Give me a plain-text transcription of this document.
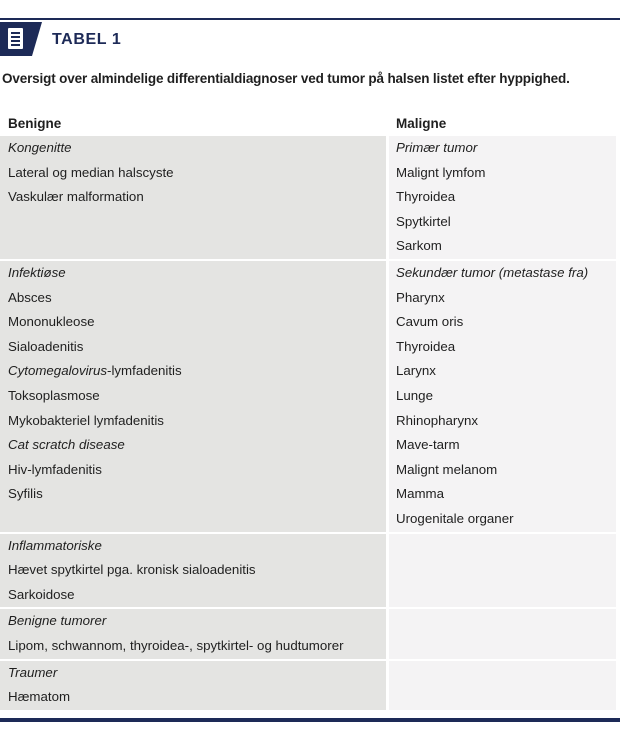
TABEL 1
Oversigt over almindelige differentialdiagnoser ved tumor på halsen listet efter hyppighed.
Benigne	Maligne
Kongenitte
Lateral og median halscyste
Vaskulær malformation
Primær tumor
Malignt lymfom
Thyroidea
Spytkirtel
Sarkom
Infektiøse
Absces
Mononukleose
Sialoadenitis
Cytomegalovirus-lymfadenitis
Toksoplasmose
Mykobakteriel lymfadenitis
Cat scratch disease
Hiv-lymfadenitis
Syfilis
Sekundær tumor (metastase fra)
Pharynx
Cavum oris
Thyroidea
Larynx
Lunge
Rhinopharynx
Mave-tarm
Malignt melanom
Mamma
Urogenitale organer
Inflammatoriske
Hævet spytkirtel pga. kronisk sialoadenitis
Sarkoidose
Benigne tumorer
Lipom, schwannom, thyroidea-, spytkirtel- og hudtumorer
Traumer
Hæmatom
